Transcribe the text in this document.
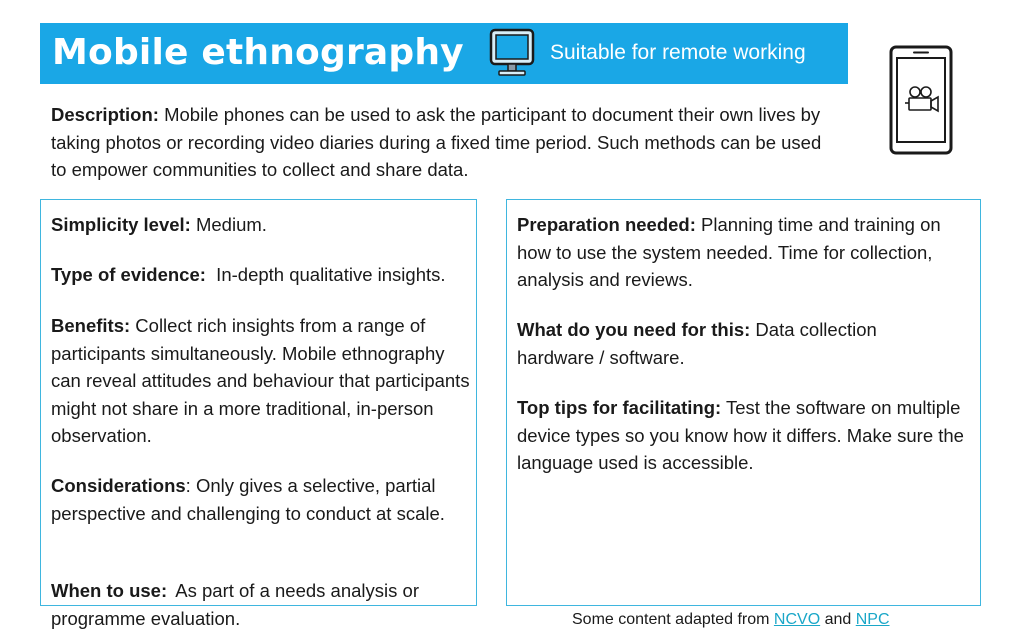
Mobile ethnography	Suitable for remote working

Description: Mobile phones can be used to ask the participant to document their own lives by taking photos or recording video diaries during a fixed time period. Such methods can be used to empower communities to collect and share data.

Simplicity level: Medium.

Type of evidence:  In-depth qualitative insights.

Benefits: Collect rich insights from a range of participants simultaneously. Mobile ethnography can reveal attitudes and behaviour that participants might not share in a more traditional, in-person observation.

Considerations: Only gives a selective, partial perspective and challenging to conduct at scale.

When to use: As part of a needs analysis or programme evaluation.

Preparation needed: Planning time and training on how to use the system needed. Time for collection, analysis and reviews.

What do you need for this: Data collection hardware / software.

Top tips for facilitating: Test the software on multiple device types so you know how it differs. Make sure the language used is accessible.

Some content adapted from NCVO and NPC
